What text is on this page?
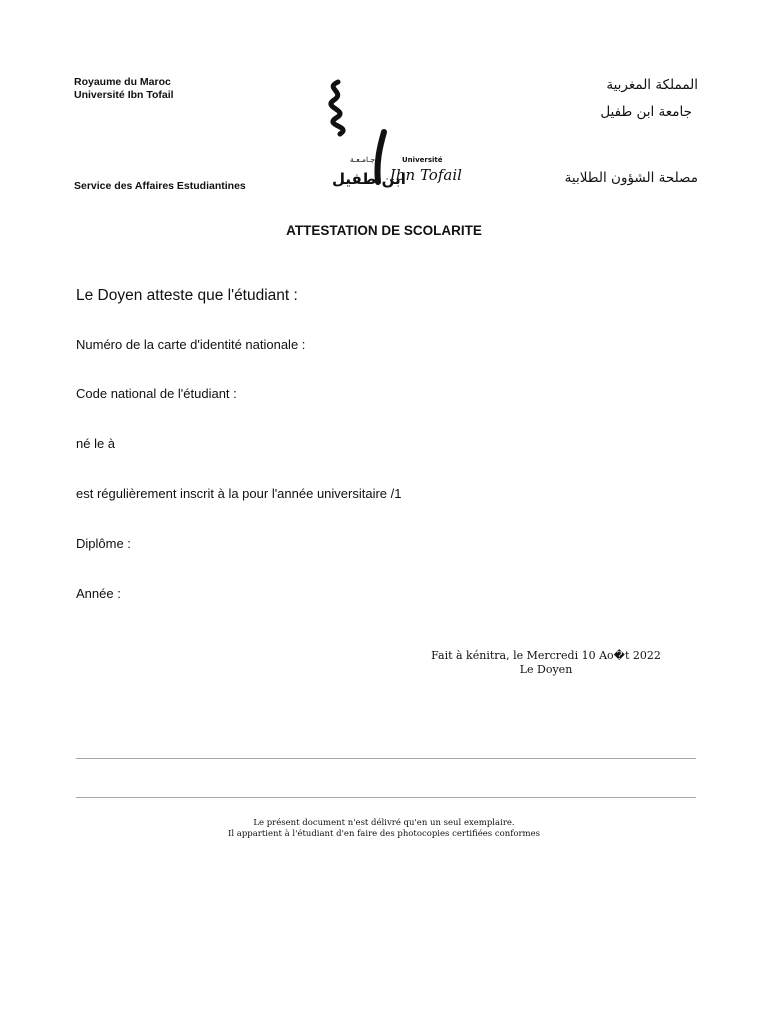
Royaume du Maroc
Université Ibn Tofail
Service des Affaires Estudiantines
المملكة المغربية
جامعة ابن طفيل
مصلحة الشؤون الطلابية
جـامـعـة	Université
ابن طفيل
Ibn Tofail
ATTESTATION DE SCOLARITE
Le Doyen atteste que l'étudiant :
Numéro de la carte d'identité nationale :
Code national de l'étudiant :
né le à
est régulièrement inscrit à la pour l'année universitaire /1
Diplôme :
Année :
Fait à kénitra, le Mercredi 10 Ao�t 2022
Le Doyen
Le présent document n'est délivré qu'en un seul exemplaire.
Il appartient à l'étudiant d'en faire des photocopies certifiées conformes
